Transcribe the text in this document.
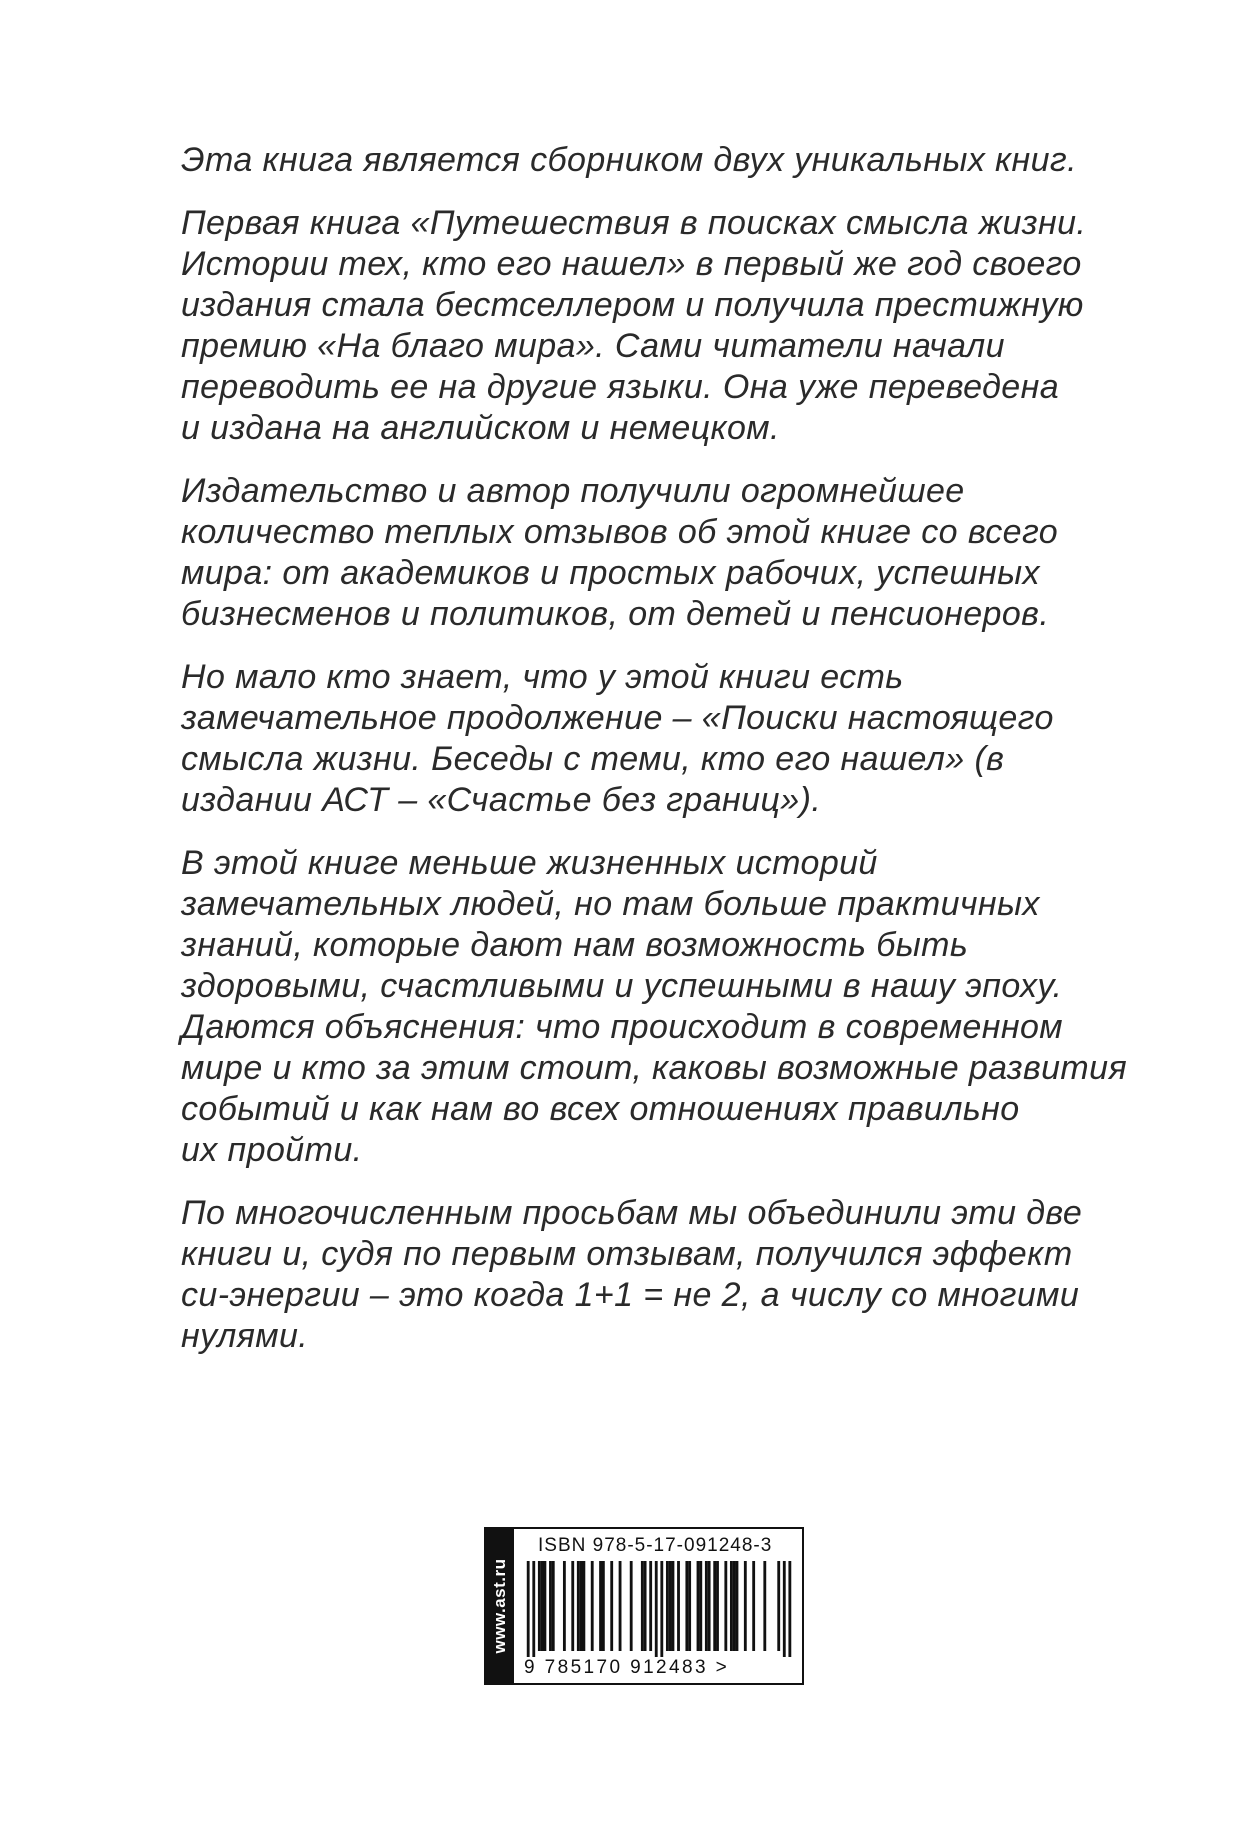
Эта книга является сборником двух уникальных книг.
Первая книга «Путешествия в поисках смысла жизни.
Истории тех, кто его нашел» в первый же год своего
издания стала бестселлером и получила престижную
премию «На благо мира». Сами читатели начали
переводить ее на другие языки. Она уже переведена
и издана на английском и немецком.
Издательство и автор получили огромнейшее
количество теплых отзывов об этой книге со всего
мира: от академиков и простых рабочих, успешных
бизнесменов и политиков, от детей и пенсионеров.
Но мало кто знает, что у этой книги есть
замечательное продолжение – «Поиски настоящего
смысла жизни. Беседы с теми, кто его нашел» (в
издании АСТ – «Счастье без границ»).
В этой книге меньше жизненных историй
замечательных людей, но там больше практичных
знаний, которые дают нам возможность быть
здоровыми, счастливыми и успешными в нашу эпоху.
Даются объяснения: что происходит в современном
мире и кто за этим стоит, каковы возможные развития
событий и как нам во всех отношениях правильно
их пройти.
По многочисленным просьбам мы объединили эти две
книги и, судя по первым отзывам, получился эффект
си-энергии – это когда 1+1 = не 2, а числу со многими
нулями.
www.ast.ru
ISBN 978-5-17-091248-3
9 785170 912483 >
